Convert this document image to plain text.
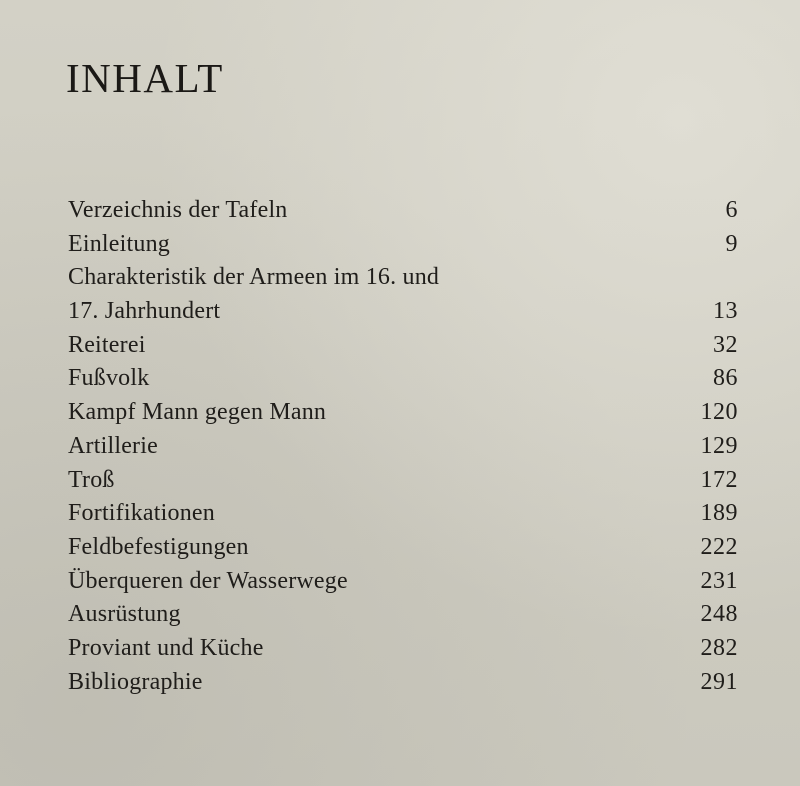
INHALT
Verzeichnis der Tafeln	6
Einleitung	9
Charakteristik der Armeen im 16. und
17. Jahrhundert	13
Reiterei	32
Fußvolk	86
Kampf Mann gegen Mann	120
Artillerie	129
Troß	172
Fortifikationen	189
Feldbefestigungen	222
Überqueren der Wasserwege	231
Ausrüstung	248
Proviant und Küche	282
Bibliographie	291
